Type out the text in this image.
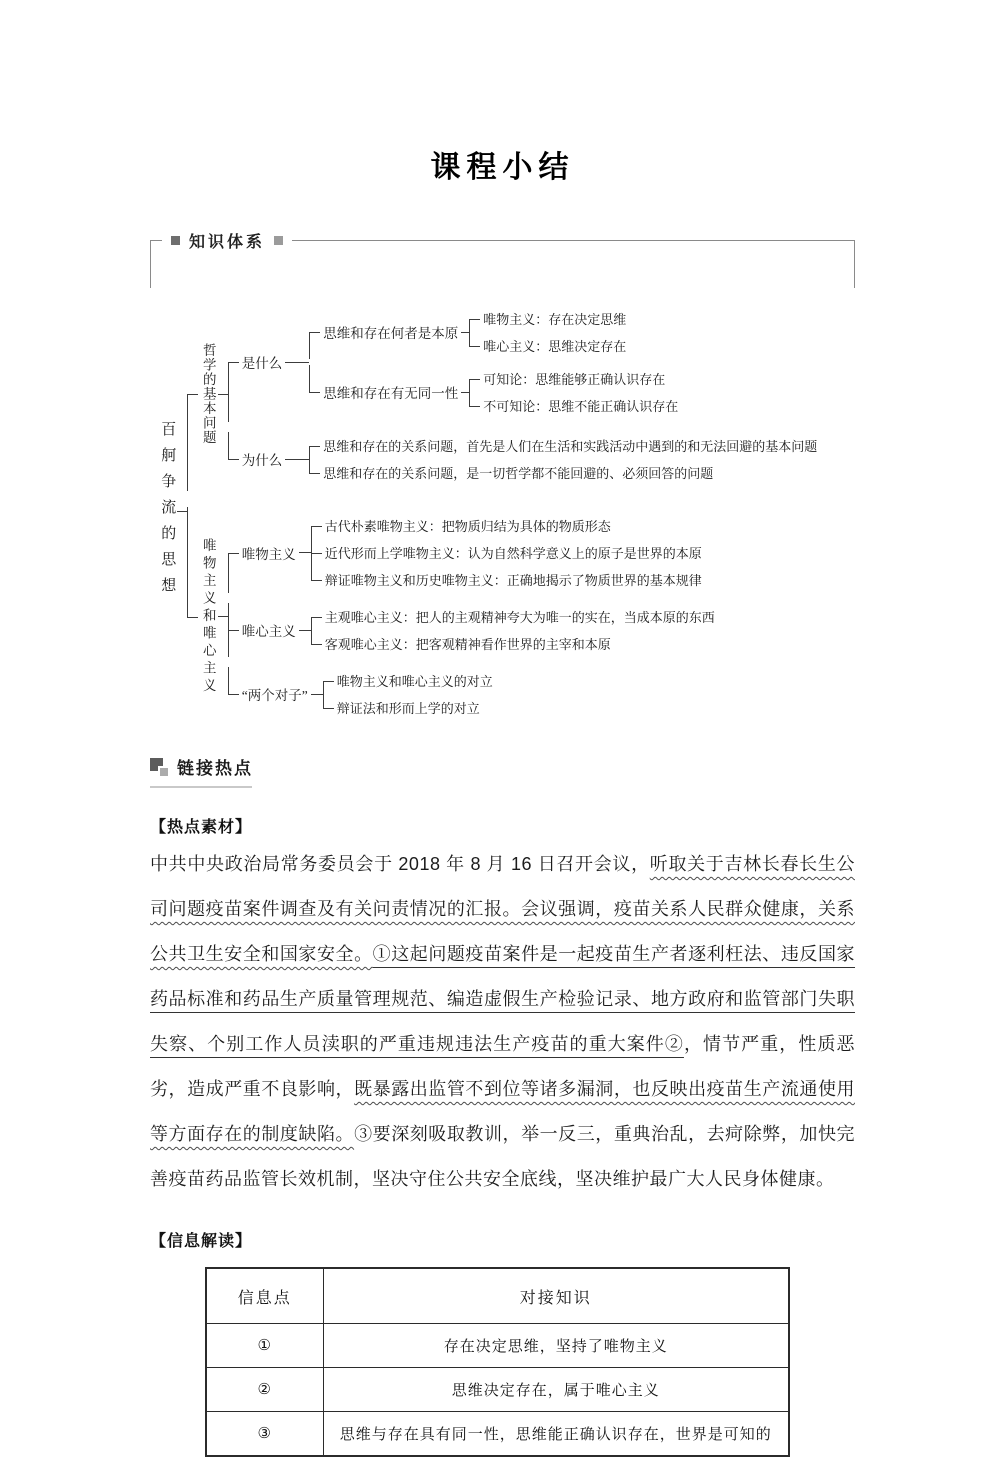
课程小结
知识体系
百舸争流的思想
哲学的基本问题 是什么
思维和存在何者是本原
唯物主义：存在决定思维
唯心主义：思维决定存在
思维和存在有无同一性
可知论：思维能够正确认识存在
不可知论：思维不能正确认识存在
为什么
思维和存在的关系问题，首先是人们在生活和实践活动中遇到的和无法回避的基本问题
思维和存在的关系问题，是一切哲学都不能回避的、必须回答的问题
唯物主义和唯心主义 唯物主义
古代朴素唯物主义：把物质归结为具体的物质形态
近代形而上学唯物主义：认为自然科学意义上的原子是世界的本原
辩证唯物主义和历史唯物主义：正确地揭示了物质世界的基本规律
唯心主义
主观唯心主义：把人的主观精神夸大为唯一的实在，当成本原的东西
客观唯心主义：把客观精神看作世界的主宰和本原
“两个对子”
唯物主义和唯心主义的对立
辩证法和形而上学的对立
链接热点
【热点素材】

中共中央政治局常务委员会于 2018 年 8 月 16 日召开会议，听取关于吉林长春长生公司问题疫苗案件调查及有关问责情况的汇报。会议强调，疫苗关系人民群众健康，关系公共卫生安全和国家安全。①这起问题疫苗案件是一起疫苗生产者逐利枉法、违反国家药品标准和药品生产质量管理规范、编造虚假生产检验记录、地方政府和监管部门失职失察、个别工作人员渎职的严重违规违法生产疫苗的重大案件②，情节严重，性质恶劣，造成严重不良影响，既暴露出监管不到位等诸多漏洞，也反映出疫苗生产流通使用等方面存在的制度缺陷。③要深刻吸取教训，举一反三，重典治乱，去疴除弊，加快完善疫苗药品监管长效机制，坚决守住公共安全底线，坚决维护最广大人民身体健康。

【信息解读】
信息点	对接知识
①	存在决定思维，坚持了唯物主义
②	思维决定存在，属于唯心主义
③	思维与存在具有同一性，思维能正确认识存在，世界是可知的
